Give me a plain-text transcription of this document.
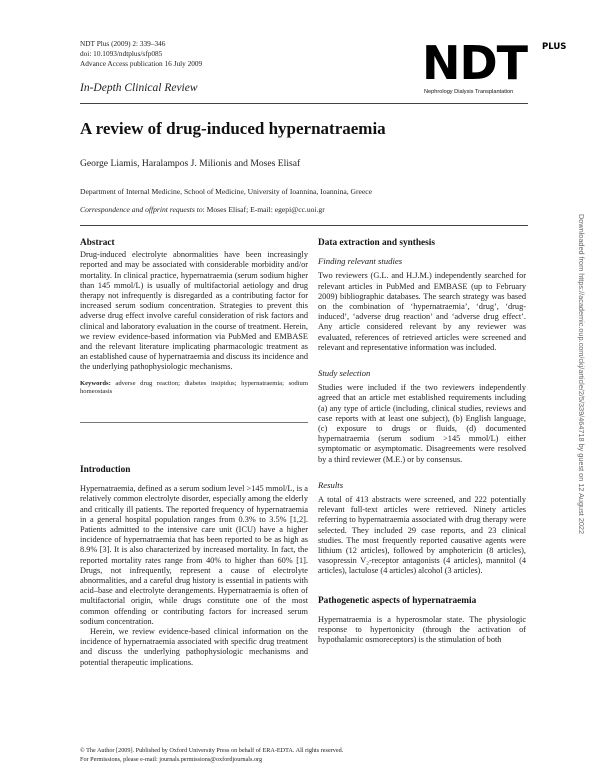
NDT Plus (2009) 2: 339–346
doi: 10.1093/ndtplus/sfp085
Advance Access publication 16 July 2009	NDT PLUS
Nephrology Dialysis Transplantation
In-Depth Clinical Review
A review of drug-induced hypernatraemia
George Liamis, Haralampos J. Milionis and Moses Elisaf
Department of Internal Medicine, School of Medicine, University of Ioannina, Ioannina, Greece
Correspondence and offprint requests to: Moses Elisaf; E-mail: egepi@cc.uoi.gr
Abstract

Drug-induced electrolyte abnormalities have been increasingly reported and may be associated with considerable morbidity and/or mortality. In clinical practice, hypernatraemia (serum sodium higher than 145 mmol/L) is usually of multifactorial aetiology and drug therapy not infrequently is disregarded as a contributing factor for increased serum sodium concentration. Strategies to prevent this adverse drug effect involve careful consideration of risk factors and clinical and laboratory evaluation in the course of treatment. Herein, we review evidence-based information via PubMed and EMBASE and the relevant literature implicating pharmacologic treatment as an established cause of hypernatraemia and discuss its incidence and the underlying pathophysiologic mechanisms.

Keywords: adverse drug reaction; diabetes insipidus; hypernatraemia; sodium homeostasis
Introduction

Hypernatraemia, defined as a serum sodium level >145 mmol/L, is a relatively common electrolyte disorder, especially among the elderly and critically ill patients. The reported frequency of hypernatraemia in a general hospital population ranges from 0.3% to 3.5% [1,2]. Patients admitted to the intensive care unit (ICU) have a higher incidence of hypernatraemia that has been reported to be as high as 8.9% [3]. It is also characterized by increased mortality. In fact, the reported mortality rates range from 40% to higher than 60% [1]. Drugs, not infrequently, represent a cause of electrolyte abnormalities, and a careful drug history is essential in patients with acid–base and electrolyte derangements. Hypernatraemia is often of multifactorial origin, while drugs constitute one of the most common offending or contributing factors for increased serum sodium concentration.

Herein, we review evidence-based clinical information on the incidence of hypernatraemia associated with specific drug treatment and discuss the underlying pathophysiologic mechanisms and potential therapeutic implications.

Data extraction and synthesis
Finding relevant studies

Two reviewers (G.L. and H.J.M.) independently searched for relevant articles in PubMed and EMBASE (up to February 2009) bibliographic databases. The search strategy was based on the combination of ‘hypernatraemia’, ‘drug’, ‘drug-induced’, ‘adverse drug reaction’ and ‘adverse drug effect’. Any article considered relevant by any reviewer was evaluated, references of retrieved articles were screened and relevant and representative information was included.

Study selection

Studies were included if the two reviewers independently agreed that an article met established requirements including (a) any type of article (including, clinical studies, reviews and case reports with at least one subject), (b) English language, (c) exposure to drugs or fluids, (d) documented hypernatraemia (serum sodium >145 mmol/L) either symptomatic or asymptomatic. Disagreements were resolved by a third reviewer (M.E.) or by consensus.

Results

A total of 413 abstracts were screened, and 222 potentially relevant full-text articles were retrieved. Ninety articles referring to hypernatraemia associated with drug therapy were selected. They included 29 case reports, and 23 clinical studies. The most frequently reported causative agents were lithium (12 articles), followed by amphotericin (8 articles), vasopressin V₂-receptor antagonists (4 articles), mannitol (4 articles), lactulose (4 articles) alcohol (3 articles).

Pathogenetic aspects of hypernatraemia

Hypernatraemia is a hyperosmolar state. The physiologic response to hypertonicity (through the activation of hypothalamic osmoreceptors) is the stimulation of both

© The Author [2009]. Published by Oxford University Press on behalf of ERA-EDTA. All rights reserved.
For Permissions, please e-mail: journals.permissions@oxfordjournals.org
Downloaded from https://academic.oup.com/ckj/article/2/5/339/464718 by guest on 12 August 2022
